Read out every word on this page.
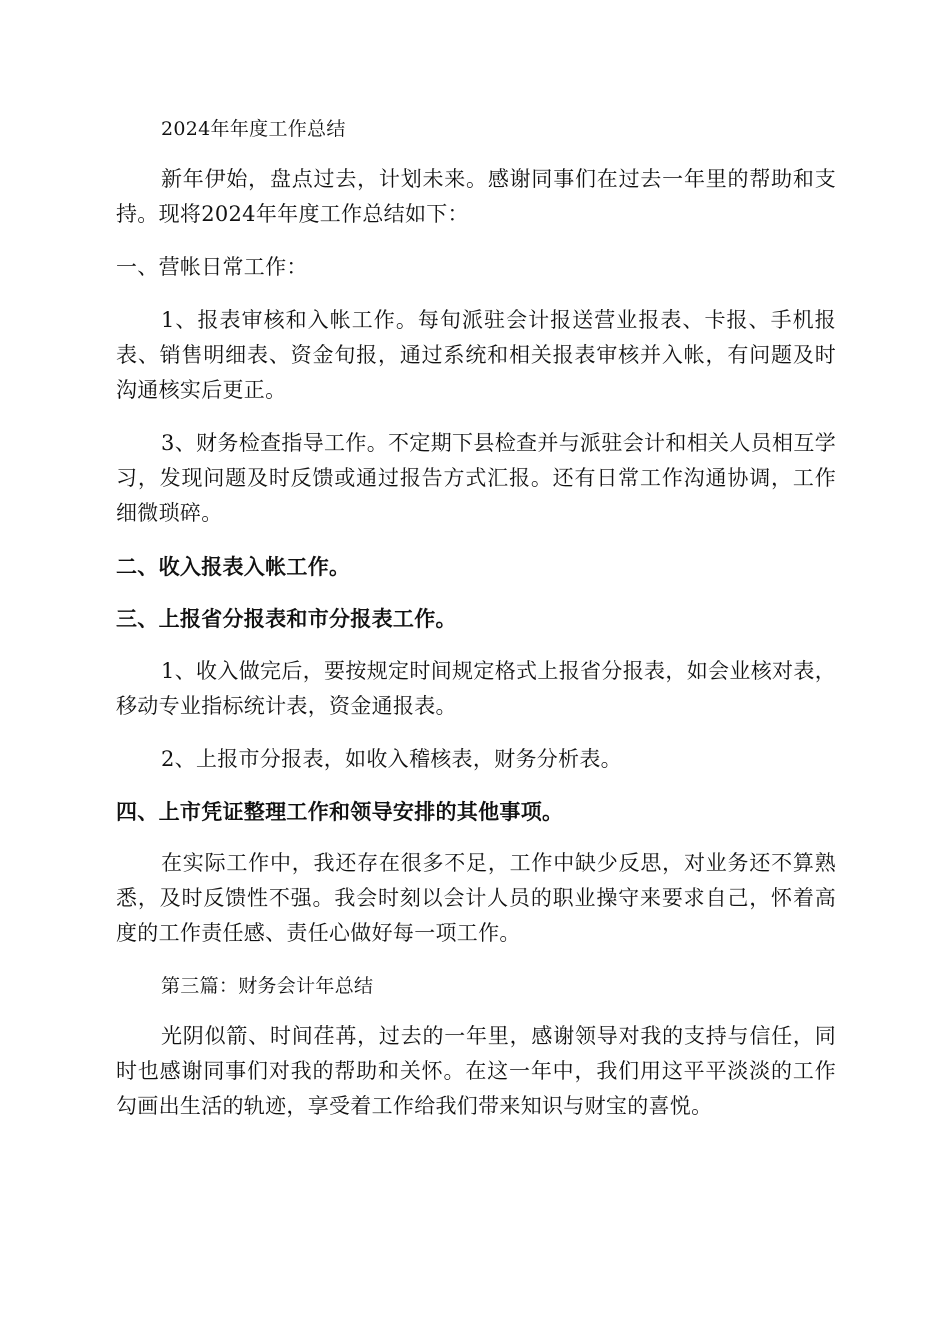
2024年年度工作总结

新年伊始，盘点过去，计划未来。感谢同事们在过去一年里的帮助和支持。现将2024年年度工作总结如下：

一、营帐日常工作：

1、报表审核和入帐工作。每旬派驻会计报送营业报表、卡报、手机报表、销售明细表、资金旬报，通过系统和相关报表审核并入帐，有问题及时沟通核实后更正。

3、财务检查指导工作。不定期下县检查并与派驻会计和相关人员相互学习，发现问题及时反馈或通过报告方式汇报。还有日常工作沟通协调，工作细微琐碎。

二、收入报表入帐工作。

三、上报省分报表和市分报表工作。

1、收入做完后，要按规定时间规定格式上报省分报表，如会业核对表，移动专业指标统计表，资金通报表。

2、上报市分报表，如收入稽核表，财务分析表。

四、上市凭证整理工作和领导安排的其他事项。

在实际工作中，我还存在很多不足，工作中缺少反思，对业务还不算熟悉，及时反馈性不强。我会时刻以会计人员的职业操守来要求自己，怀着高度的工作责任感、责任心做好每一项工作。

第三篇：财务会计年总结

光阴似箭、时间荏苒，过去的一年里，感谢领导对我的支持与信任，同时也感谢同事们对我的帮助和关怀。在这一年中，我们用这平平淡淡的工作勾画出生活的轨迹，享受着工作给我们带来知识与财宝的喜悦。
